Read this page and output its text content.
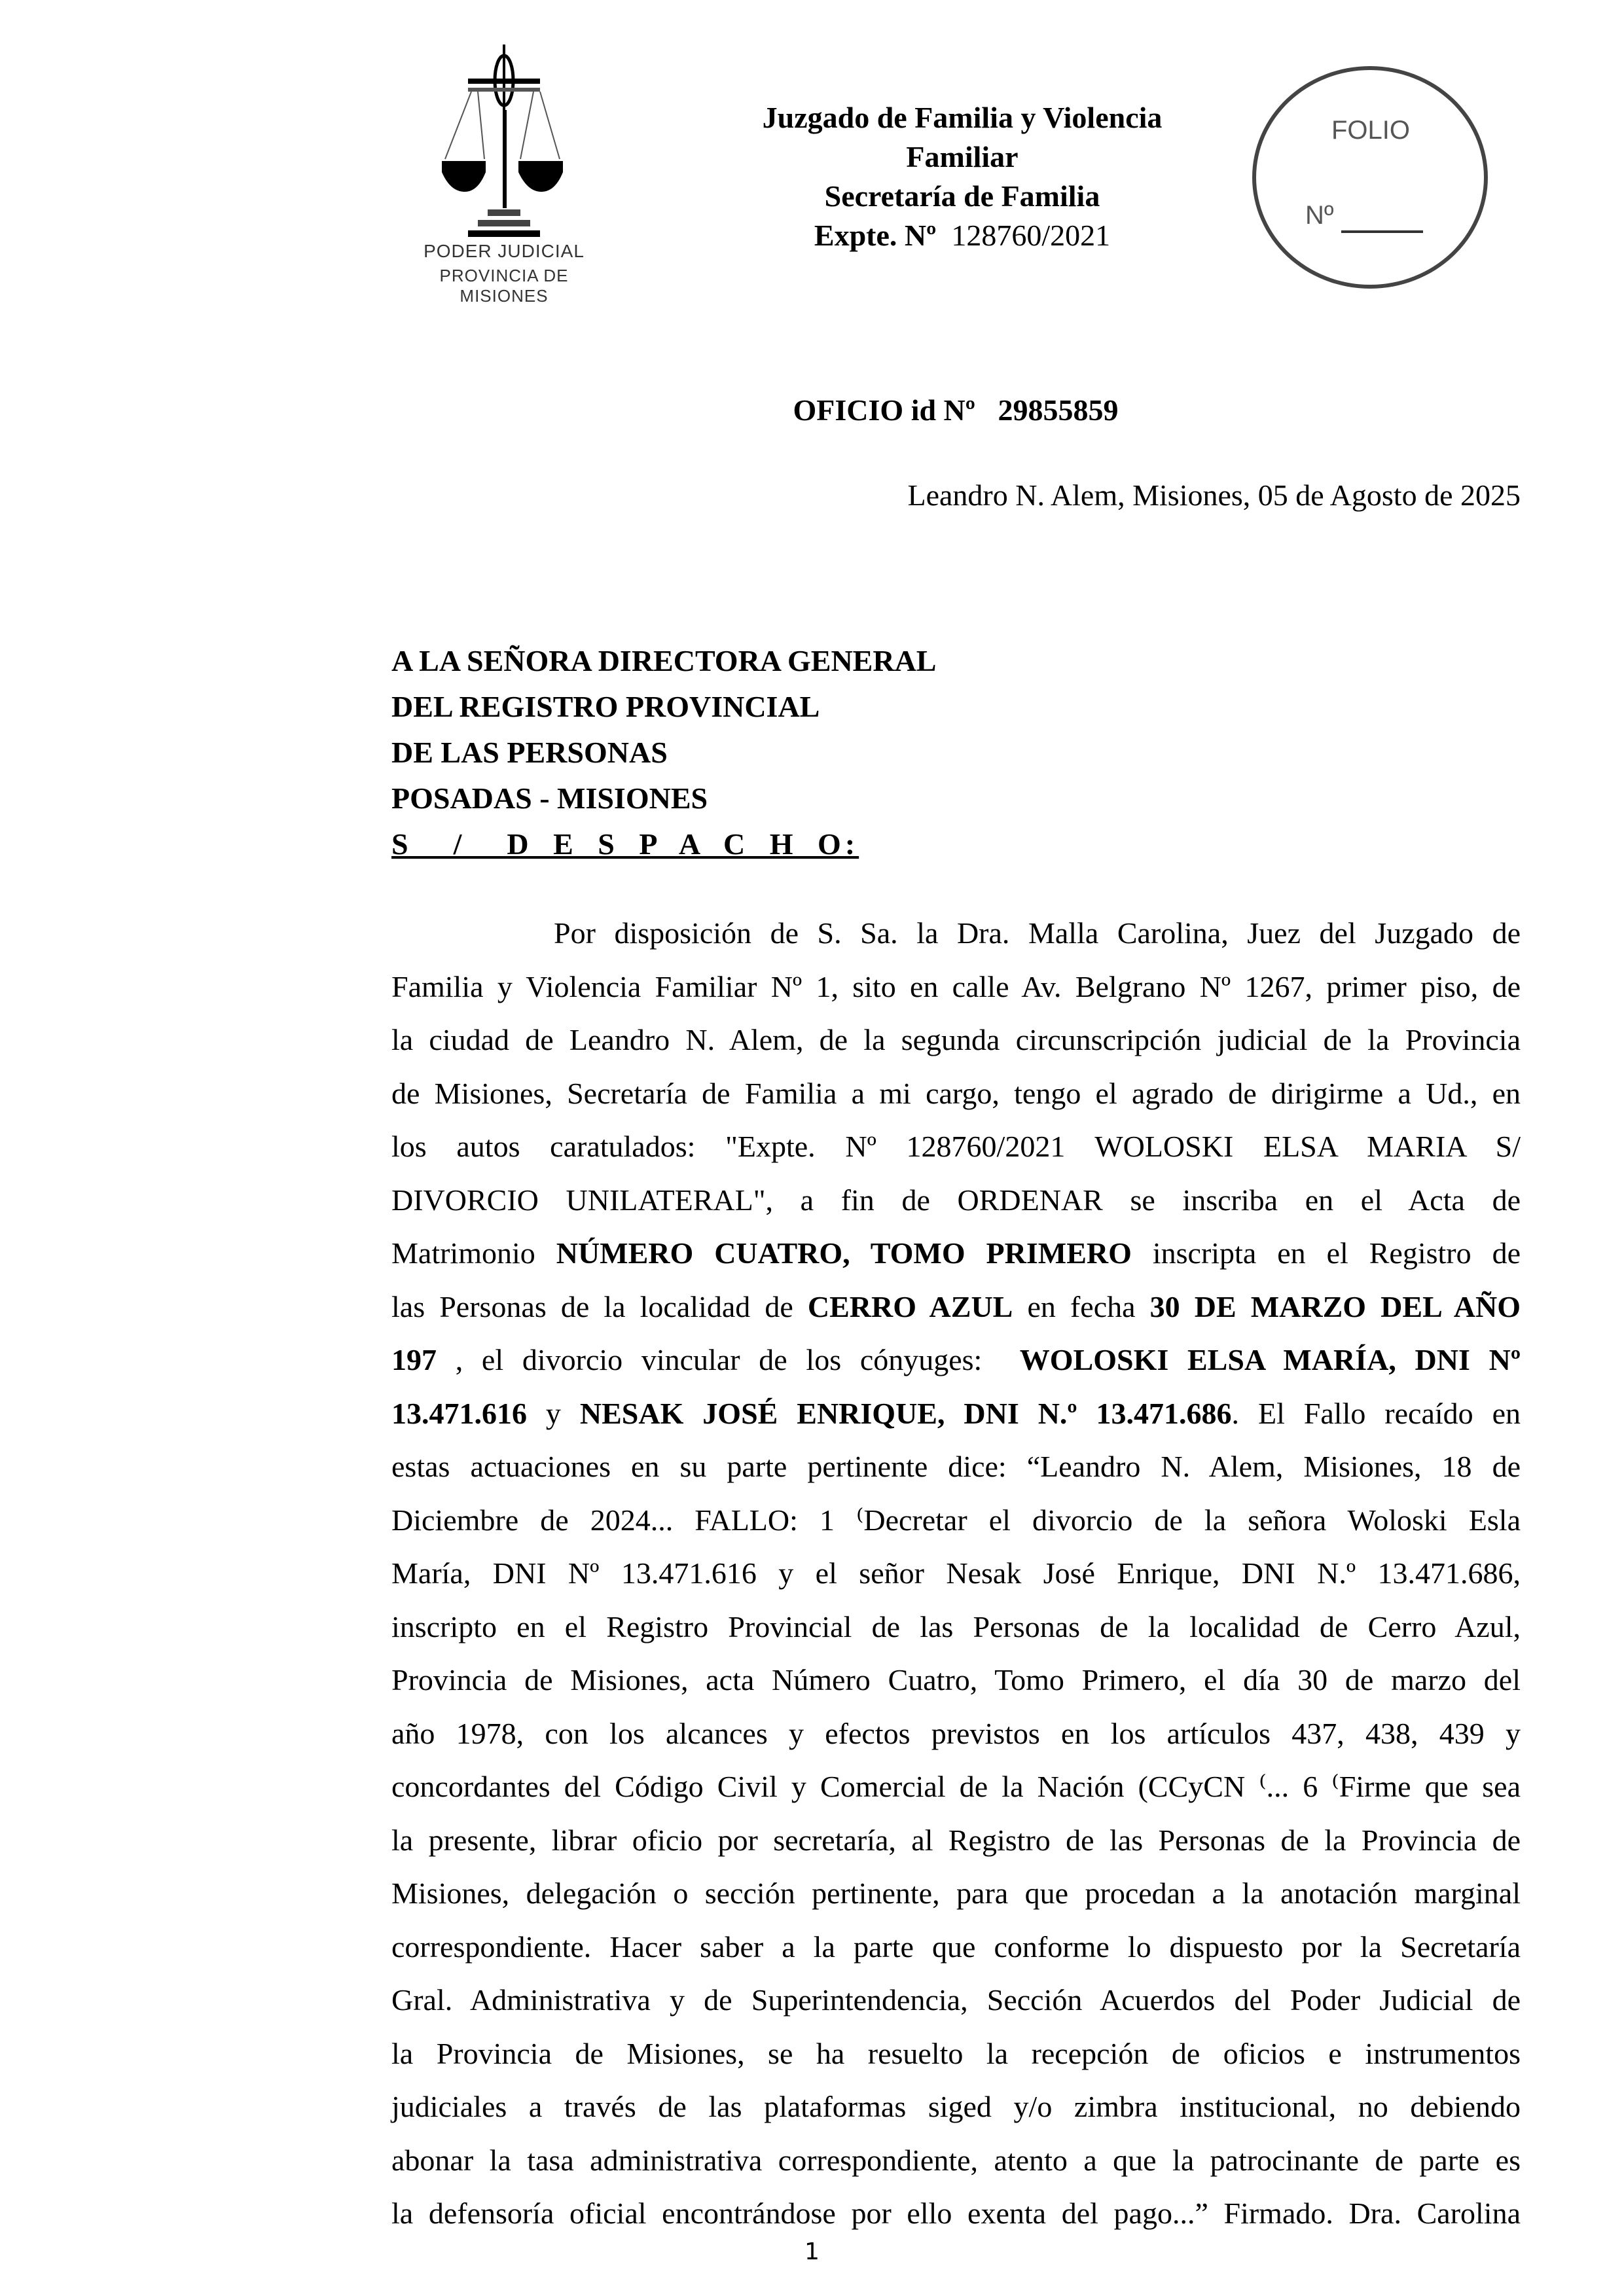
PODER JUDICIAL
PROVINCIA DE MISIONES
Juzgado de Familia y Violencia
Familiar
Secretaría de Familia
Expte. Nº 128760/2021
FOLIO
Nº
OFICIO id Nº   29855859
Leandro N. Alem, Misiones, 05 de Agosto de 2025
A LA SEÑORA DIRECTORA GENERAL
DEL REGISTRO PROVINCIAL
DE LAS PERSONAS
POSADAS - MISIONES
S  /  D E S P A C H O:
Por disposición de S. Sa. la Dra. Malla Carolina, Juez del Juzgado de
Familia y Violencia Familiar Nº 1, sito en calle Av. Belgrano Nº 1267, primer piso, de
la ciudad de Leandro N. Alem, de la segunda circunscripción judicial de la Provincia
de Misiones, Secretaría de Familia a mi cargo, tengo el agrado de dirigirme a Ud., en
los autos caratulados: "Expte. Nº 128760/2021 WOLOSKI ELSA MARIA S/
DIVORCIO UNILATERAL", a fin de ORDENAR se inscriba en el Acta de
Matrimonio NÚMERO CUATRO, TOMO PRIMERO inscripta en el Registro de
las Personas de la localidad de CERRO AZUL en fecha 30 DE MARZO DEL AÑO
197 , el divorcio vincular de los cónyuges:  WOLOSKI ELSA MARÍA, DNI Nº
13.471.616 y NESAK JOSÉ ENRIQUE, DNI N.º 13.471.686. El Fallo recaído en
estas actuaciones en su parte pertinente dice: “Leandro N. Alem, Misiones, 18 de
Diciembre de 2024... FALLO: 1 ⁽Decretar el divorcio de la señora Woloski Esla
María, DNI Nº 13.471.616 y el señor Nesak José Enrique, DNI N.º 13.471.686,
inscripto en el Registro Provincial de las Personas de la localidad de Cerro Azul,
Provincia de Misiones, acta Número Cuatro, Tomo Primero, el día 30 de marzo del
año 1978, con los alcances y efectos previstos en los artículos 437, 438, 439 y
concordantes del Código Civil y Comercial de la Nación (CCyCN ⁽... 6 ⁽Firme que sea
la presente, librar oficio por secretaría, al Registro de las Personas de la Provincia de
Misiones, delegación o sección pertinente, para que procedan a la anotación marginal
correspondiente. Hacer saber a la parte que conforme lo dispuesto por la Secretaría
Gral. Administrativa y de Superintendencia, Sección Acuerdos del Poder Judicial de
la Provincia de Misiones, se ha resuelto la recepción de oficios e instrumentos
judiciales a través de las plataformas siged y/o zimbra institucional, no debiendo
abonar la tasa administrativa correspondiente, atento a que la patrocinante de parte es
la defensoría oficial encontrándose por ello exenta del pago...” Firmado. Dra. Carolina
1
